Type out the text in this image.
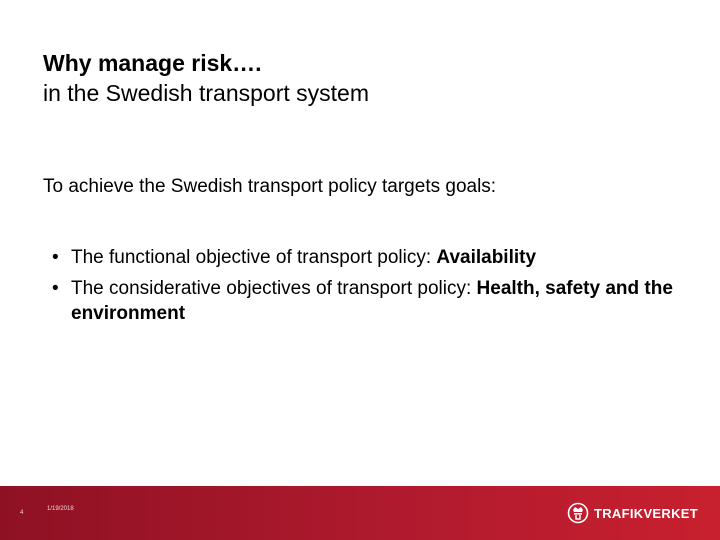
Why manage risk….
in the Swedish transport system
To achieve the Swedish transport policy targets goals:
• The functional objective of transport policy: Availability
• The considerative objectives of transport policy: Health, safety and the environment
4
1/19/2018	TRAFIKVERKET
